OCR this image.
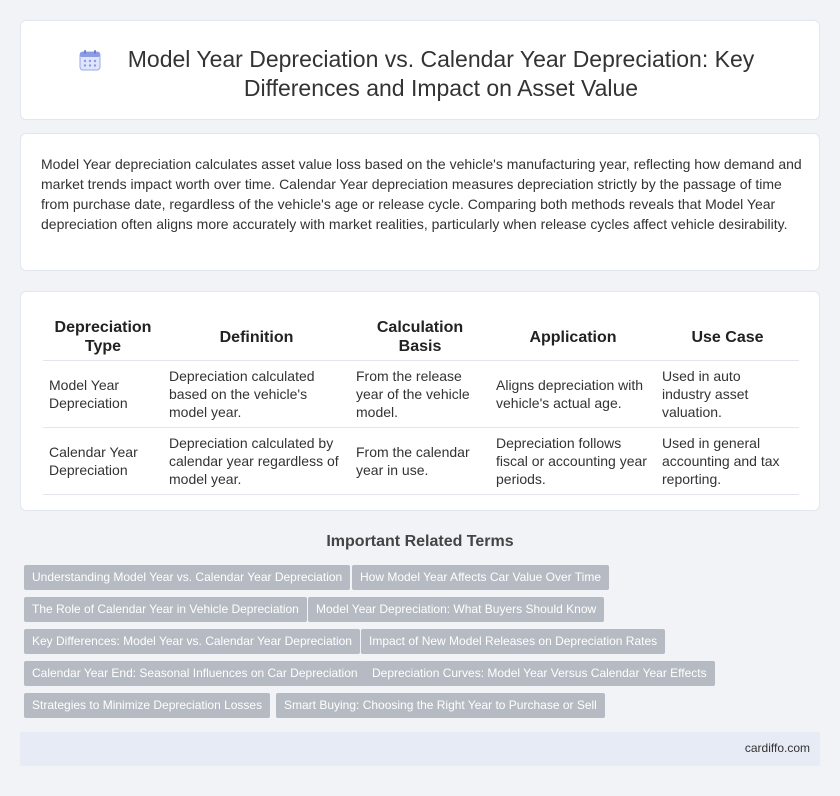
Model Year Depreciation vs. Calendar Year Depreciation: Key Differences and Impact on Asset Value

Model Year depreciation calculates asset value loss based on the vehicle's manufacturing year, reflecting how demand and market trends impact worth over time. Calendar Year depreciation measures depreciation strictly by the passage of time from purchase date, regardless of the vehicle's age or release cycle. Comparing both methods reveals that Model Year depreciation often aligns more accurately with market realities, particularly when release cycles affect vehicle desirability.

Depreciation Type	Definition	Calculation Basis	Application	Use Case
Model Year Depreciation	Depreciation calculated based on the vehicle's model year.	From the release year of the vehicle model.	Aligns depreciation with vehicle's actual age.	Used in auto industry asset valuation.
Calendar Year Depreciation	Depreciation calculated by calendar year regardless of model year.	From the calendar year in use.	Depreciation follows fiscal or accounting year periods.	Used in general accounting and tax reporting.
Important Related Terms
Understanding Model Year vs. Calendar Year Depreciation	How Model Year Affects Car Value Over Time
The Role of Calendar Year in Vehicle Depreciation	Model Year Depreciation: What Buyers Should Know
Key Differences: Model Year vs. Calendar Year Depreciation	Impact of New Model Releases on Depreciation Rates
Calendar Year End: Seasonal Influences on Car Depreciation	Depreciation Curves: Model Year Versus Calendar Year Effects
Strategies to Minimize Depreciation Losses	Smart Buying: Choosing the Right Year to Purchase or Sell
cardiffo.com
